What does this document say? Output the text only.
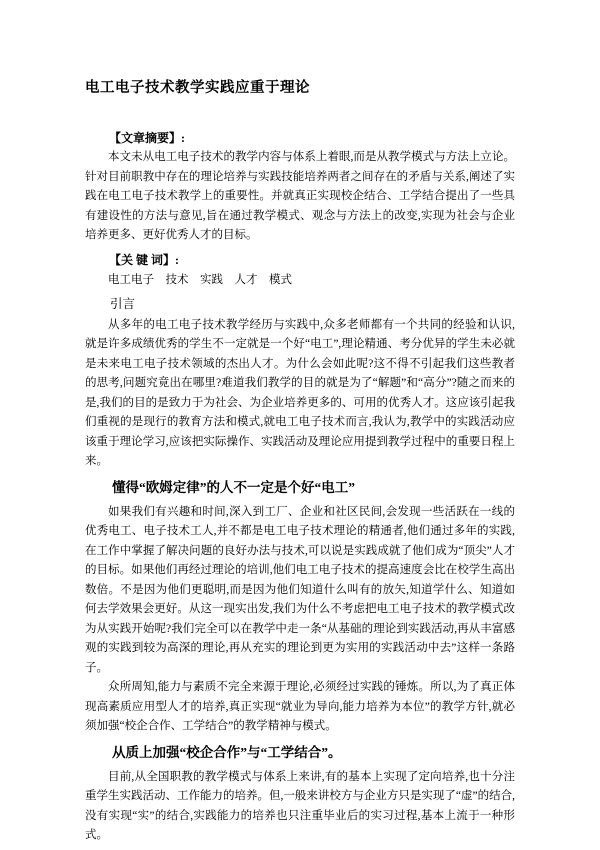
电工电子技术教学实践应重于理论

【文章摘要】:

本文未从电工电子技术的教学内容与体系上着眼,而是从教学模式与方法上立论。针对目前职教中存在的理论培养与实践技能培养两者之间存在的矛盾与关系,阐述了实践在电工电子技术教学上的重要性。并就真正实现校企结合、工学结合提出了一些具有建设性的方法与意见,旨在通过教学模式、观念与方法上的改变,实现为社会与企业培养更多、更好优秀人才的目标。

【关 键 词】:

电工电子　技术　实践　人才　模式

引言

从多年的电工电子技术教学经历与实践中,众多老师都有一个共同的经验和认识,就是许多成绩优秀的学生不一定就是一个好“电工”,理论精通、考分优异的学生未必就是未来电工电子技术领域的杰出人才。为什么会如此呢?这不得不引起我们这些教者的思考,问题究竟出在哪里?难道我们教学的目的就是为了“解题”和“高分”?随之而来的是,我们的目的是致力于为社会、为企业培养更多的、可用的优秀人才。这应该引起我们重视的是现行的教育方法和模式,就电工电子技术而言,我认为,教学中的实践活动应该重于理论学习,应该把实际操作、实践活动及理论应用提到教学过程中的重要日程上来。

懂得“欧姆定律”的人不一定是个好“电工”

如果我们有兴趣和时间,深入到工厂、企业和社区民间,会发现一些活跃在一线的优秀电工、电子技术工人,并不都是电工电子技术理论的精通者,他们通过多年的实践,在工作中掌握了解决问题的良好办法与技术,可以说是实践成就了他们成为“顶尖”人才的目标。如果他们再经过理论的培训,他们电工电子技术的提高速度会比在校学生高出数倍。不是因为他们更聪明,而是因为他们知道什么叫有的放矢,知道学什么、知道如何去学效果会更好。从这一现实出发,我们为什么不考虑把电工电子技术的教学模式改为从实践开始呢?我们完全可以在教学中走一条“从基础的理论到实践活动,再从丰富感观的实践到较为高深的理论,再从充实的理论到更为实用的实践活动中去”这样一条路子。

众所周知,能力与素质不完全来源于理论,必须经过实践的锤炼。所以,为了真正体现高素质应用型人才的培养,真正实现“就业为导向,能力培养为本位”的教学方针,就必须加强“校企合作、工学结合”的教学精神与模式。

从质上加强“校企合作”与“工学结合”。

目前,从全国职教的教学模式与体系上来讲,有的基本上实现了定向培养,也十分注重学生实践活动、工作能力的培养。但,一般来讲校方与企业方只是实现了“虚”的结合,没有实现“实”的结合,实践能力的培养也只注重毕业后的实习过程,基本上流于一种形式。
